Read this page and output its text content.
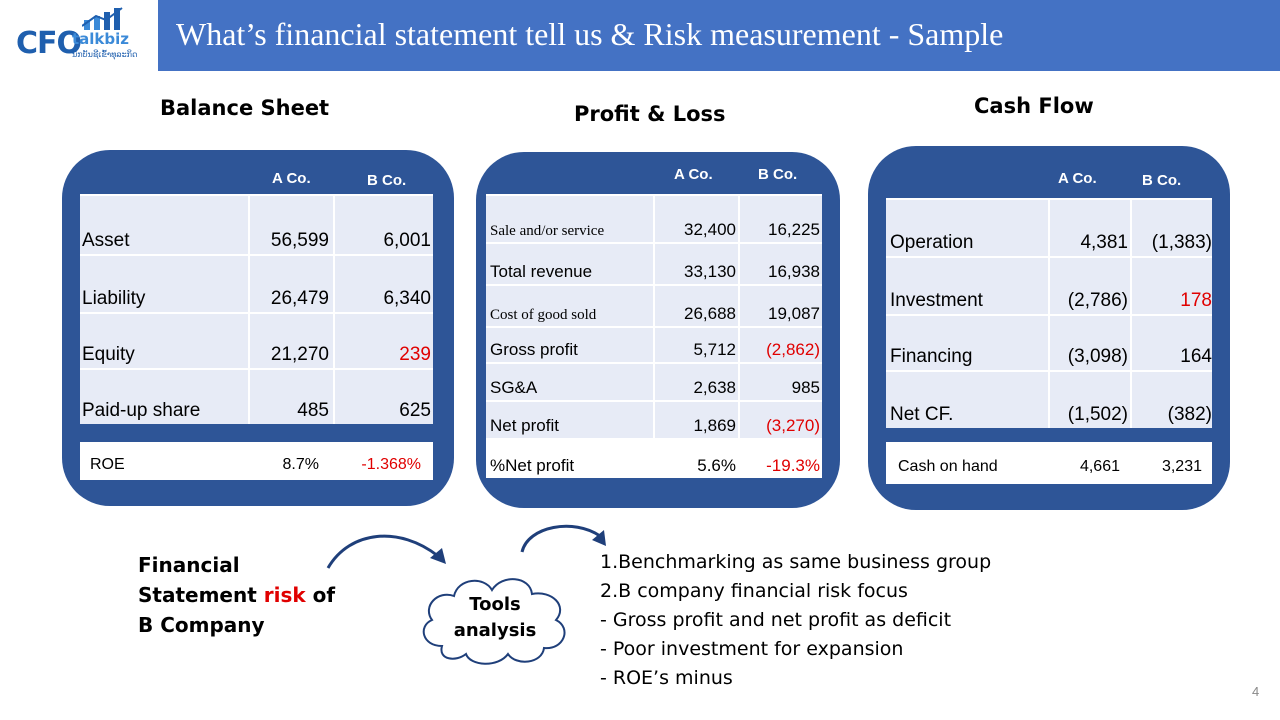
CFO
talkbiz
ນັກບັນຊີເຂົ້າທຸລະກິດ
What’s financial statement tell us & Risk measurement - Sample
Balance Sheet	Profit & Loss	Cash Flow
A Co.	B Co.
Asset	56,599	6,001
Liability	26,479	6,340
Equity	21,270	239
Paid-up share	485	625
ROE	8.7%	-1.368%
A Co.	B Co.
Sale and/or service	32,400 16,225
Total revenue	33,130 16,938
Cost of good sold	26,688 19,087
Gross profit	5,712 (2,862)
SG&A	2,638	985
Net profit	1,869 (3,270)
%Net profit	5.6% -19.3%
A Co.	B Co.
Operation	4,381 (1,383)
Investment	(2,786)	178
Financing	(3,098)	164
Net CF.	(1,502) (382)
Cash on hand	4,661	3,231
Financial
Statement risk of
B Company
Tools
analysis
1.Benchmarking as same business group
2.B company financial risk focus
- Gross profit and net profit as deficit
- Poor investment for expansion
- ROE’s minus
4
